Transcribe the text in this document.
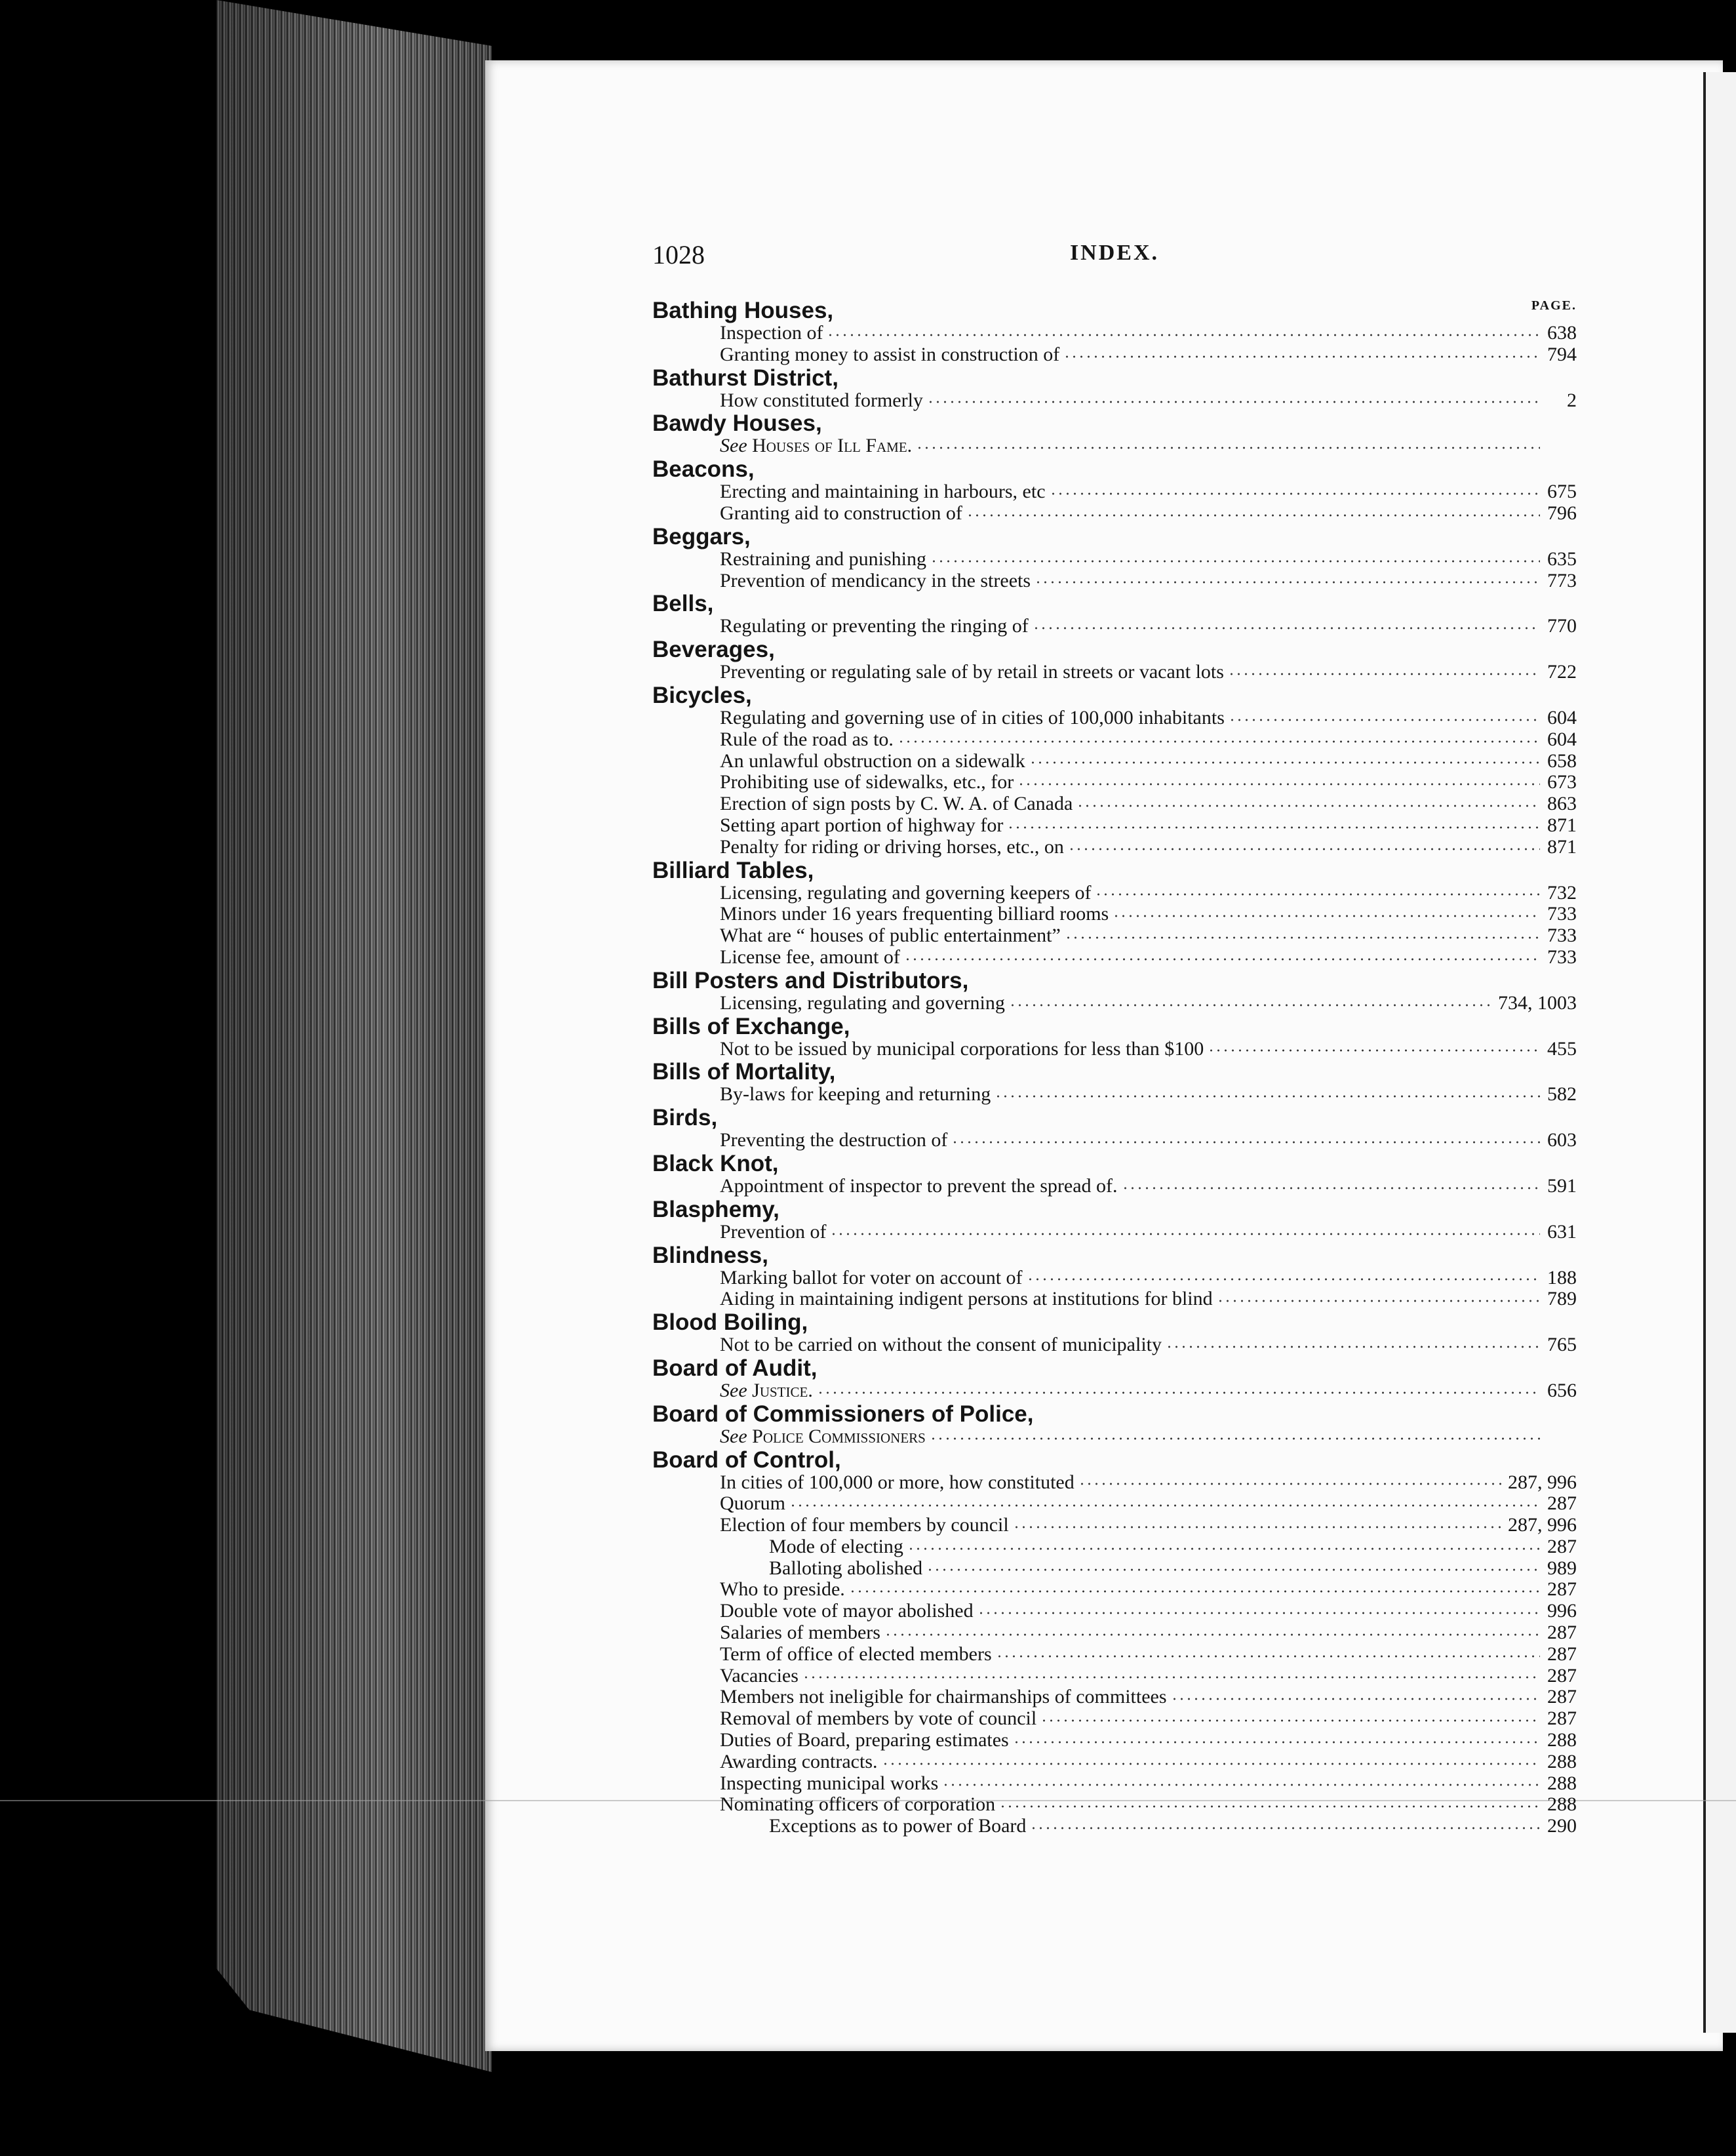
1028	INDEX.
PAGE.
Bathing Houses,
Inspection of	638
Granting money to assist in construction of	794
Bathurst District,
How constituted formerly	2
Bawdy Houses,
See Houses of Ill Fame.
Beacons,
Erecting and maintaining in harbours, etc	675
Granting aid to construction of	796
Beggars,
Restraining and punishing	635
Prevention of mendicancy in the streets	773
Bells,
Regulating or preventing the ringing of	770
Beverages,
Preventing or regulating sale of by retail in streets or vacant lots	722
Bicycles,
Regulating and governing use of in cities of 100,000 inhabitants	604
Rule of the road as to.	604
An unlawful obstruction on a sidewalk	658
Prohibiting use of sidewalks, etc., for	673
Erection of sign posts by C. W. A. of Canada	863
Setting apart portion of highway for	871
Penalty for riding or driving horses, etc., on	871
Billiard Tables,
Licensing, regulating and governing keepers of	732
Minors under 16 years frequenting billiard rooms	733
What are “ houses of public entertainment”	733
License fee, amount of	733
Bill Posters and Distributors,
Licensing, regulating and governing	734, 1003
Bills of Exchange,
Not to be issued by municipal corporations for less than $100	455
Bills of Mortality,
By-laws for keeping and returning	582
Birds,
Preventing the destruction of	603
Black Knot,
Appointment of inspector to prevent the spread of.	591
Blasphemy,
Prevention of	631
Blindness,
Marking ballot for voter on account of	188
Aiding in maintaining indigent persons at institutions for blind	789
Blood Boiling,
Not to be carried on without the consent of municipality	765
Board of Audit,
See Justice.	656
Board of Commissioners of Police,
See Police Commissioners
Board of Control,
In cities of 100,000 or more, how constituted	287, 996
Quorum	287
Election of four members by council	287, 996
Mode of electing	287
Balloting abolished	989
Who to preside.	287
Double vote of mayor abolished	996
Salaries of members	287
Term of office of elected members	287
Vacancies	287
Members not ineligible for chairmanships of committees	287
Removal of members by vote of council	287
Duties of Board, preparing estimates	288
Awarding contracts.	288
Inspecting municipal works	288
Nominating officers of corporation	288
Exceptions as to power of Board	290
